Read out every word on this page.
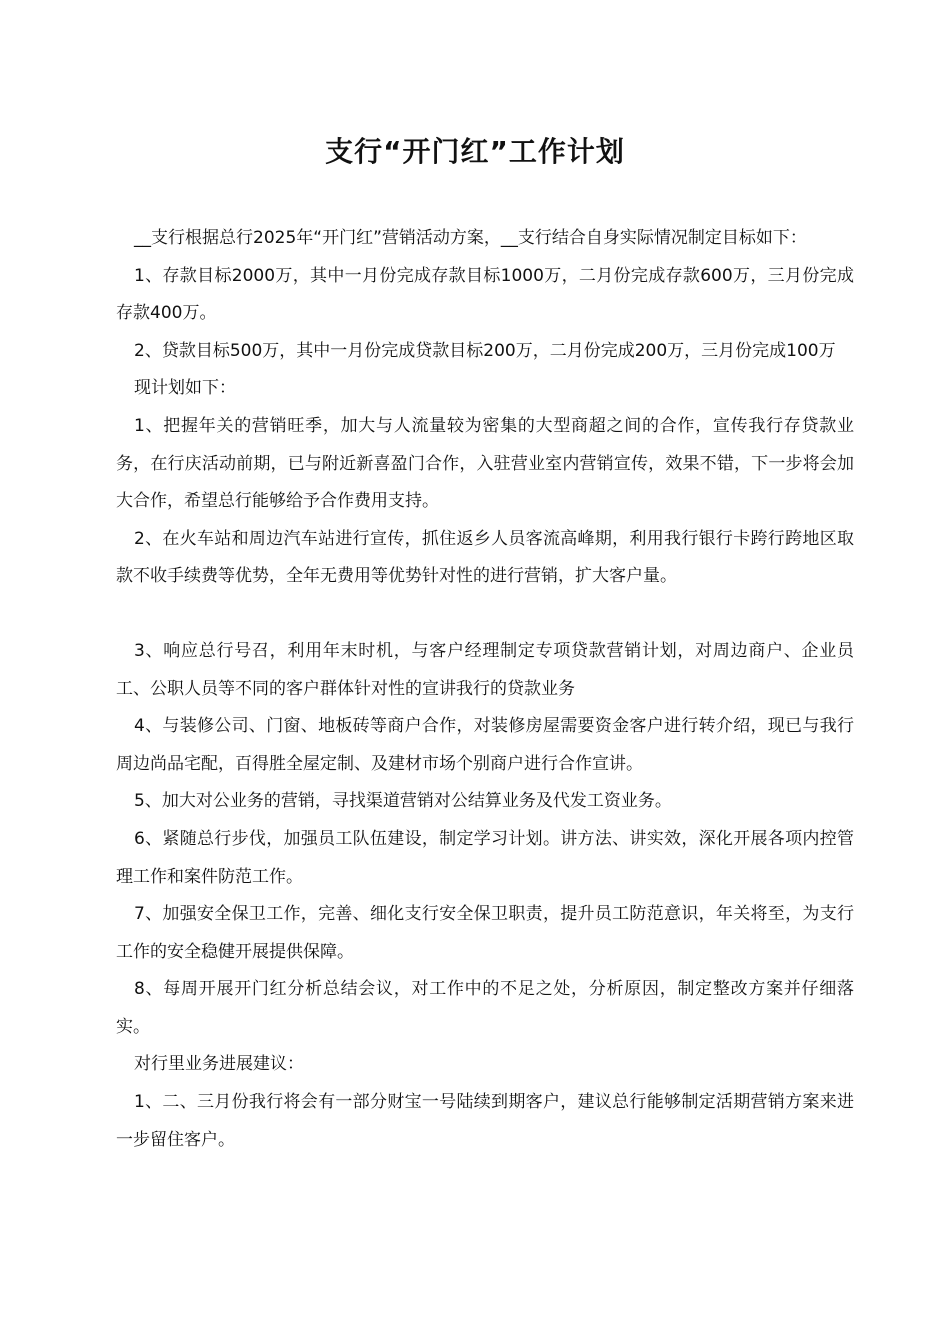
支行“开门红”工作计划

__支行根据总行2025年“开门红”营销活动方案，__支行结合自身实际情况制定目标如下：

1、存款目标2000万，其中一月份完成存款目标1000万，二月份完成存款600万，三月份完成存款400万。

2、贷款目标500万，其中一月份完成贷款目标200万，二月份完成200万，三月份完成100万

现计划如下：

1、把握年关的营销旺季，加大与人流量较为密集的大型商超之间的合作，宣传我行存贷款业务，在行庆活动前期，已与附近新喜盈门合作，入驻营业室内营销宣传，效果不错，下一步将会加大合作，希望总行能够给予合作费用支持。

2、在火车站和周边汽车站进行宣传，抓住返乡人员客流高峰期，利用我行银行卡跨行跨地区取款不收手续费等优势，全年无费用等优势针对性的进行营销，扩大客户量。

3、响应总行号召，利用年末时机，与客户经理制定专项贷款营销计划，对周边商户、企业员工、公职人员等不同的客户群体针对性的宣讲我行的贷款业务

4、与装修公司、门窗、地板砖等商户合作，对装修房屋需要资金客户进行转介绍，现已与我行周边尚品宅配，百得胜全屋定制、及建材市场个别商户进行合作宣讲。

5、加大对公业务的营销，寻找渠道营销对公结算业务及代发工资业务。

6、紧随总行步伐，加强员工队伍建设，制定学习计划。讲方法、讲实效，深化开展各项内控管理工作和案件防范工作。

7、加强安全保卫工作，完善、细化支行安全保卫职责，提升员工防范意识，年关将至，为支行工作的安全稳健开展提供保障。

8、每周开展开门红分析总结会议，对工作中的不足之处，分析原因，制定整改方案并仔细落实。

对行里业务进展建议：

1、二、三月份我行将会有一部分财宝一号陆续到期客户，建议总行能够制定活期营销方案来进一步留住客户。
